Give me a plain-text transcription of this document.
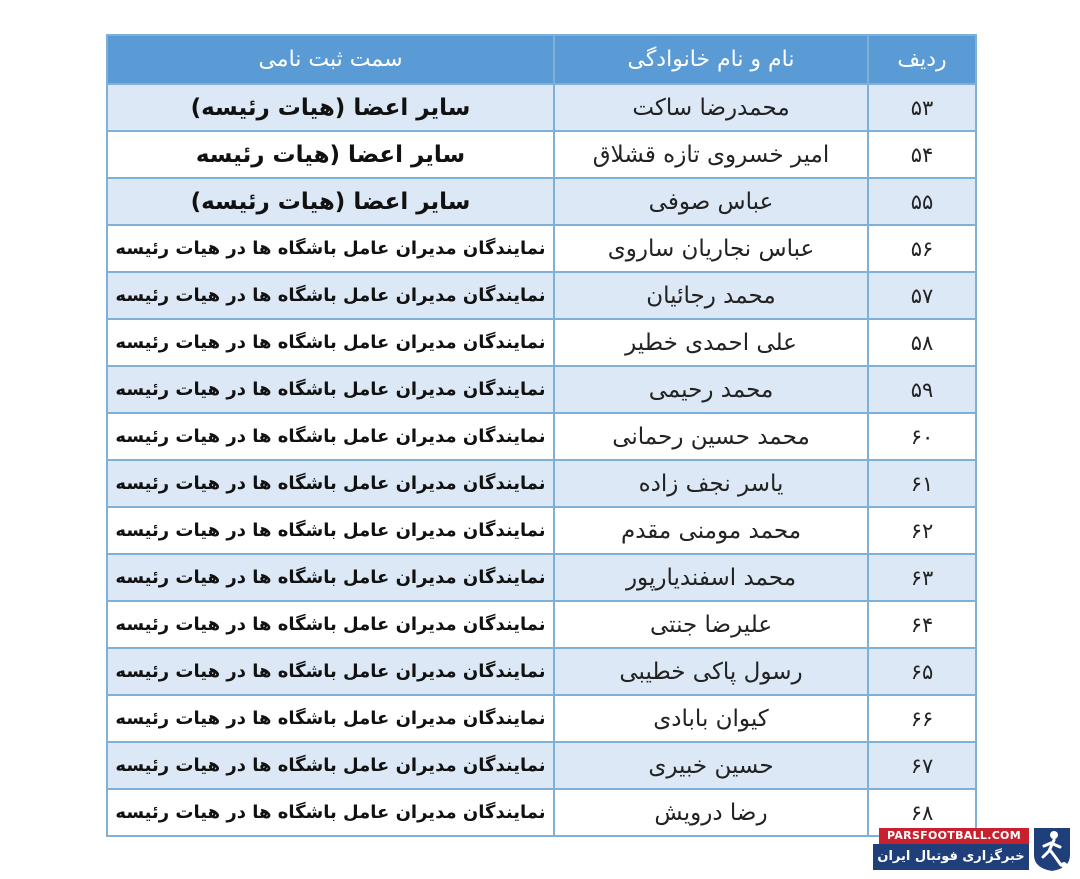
ردیف	نام و نام خانوادگی	سمت ثبت نامی
۵۳	محمدرضا ساکت	سایر اعضا (هیات رئیسه)
۵۴	امیر خسروی تازه قشلاق	سایر اعضا (هیات رئیسه
۵۵	عباس صوفی	سایر اعضا (هیات رئیسه)
۵۶	عباس نجاریان ساروی	نمایندگان مدیران عامل باشگاه ها در هیات رئیسه
۵۷	محمد رجائیان	نمایندگان مدیران عامل باشگاه ها در هیات رئیسه
۵۸	علی احمدی خطیر	نمایندگان مدیران عامل باشگاه ها در هیات رئیسه
۵۹	محمد رحیمی	نمایندگان مدیران عامل باشگاه ها در هیات رئیسه
۶۰	محمد حسین رحمانی	نمایندگان مدیران عامل باشگاه ها در هیات رئیسه
۶۱	یاسر نجف زاده	نمایندگان مدیران عامل باشگاه ها در هیات رئیسه
۶۲	محمد مومنی مقدم	نمایندگان مدیران عامل باشگاه ها در هیات رئیسه
۶۳	محمد اسفندیارپور	نمایندگان مدیران عامل باشگاه ها در هیات رئیسه
۶۴	علیرضا جنتی	نمایندگان مدیران عامل باشگاه ها در هیات رئیسه
۶۵	رسول پاکی خطیبی	نمایندگان مدیران عامل باشگاه ها در هیات رئیسه
۶۶	کیوان بابادی	نمایندگان مدیران عامل باشگاه ها در هیات رئیسه
۶۷	حسین خبیری	نمایندگان مدیران عامل باشگاه ها در هیات رئیسه
۶۸	رضا درویش	نمایندگان مدیران عامل باشگاه ها در هیات رئیسه
PARSFOOTBALL.COM
خبرگزاری فوتبال ایران
